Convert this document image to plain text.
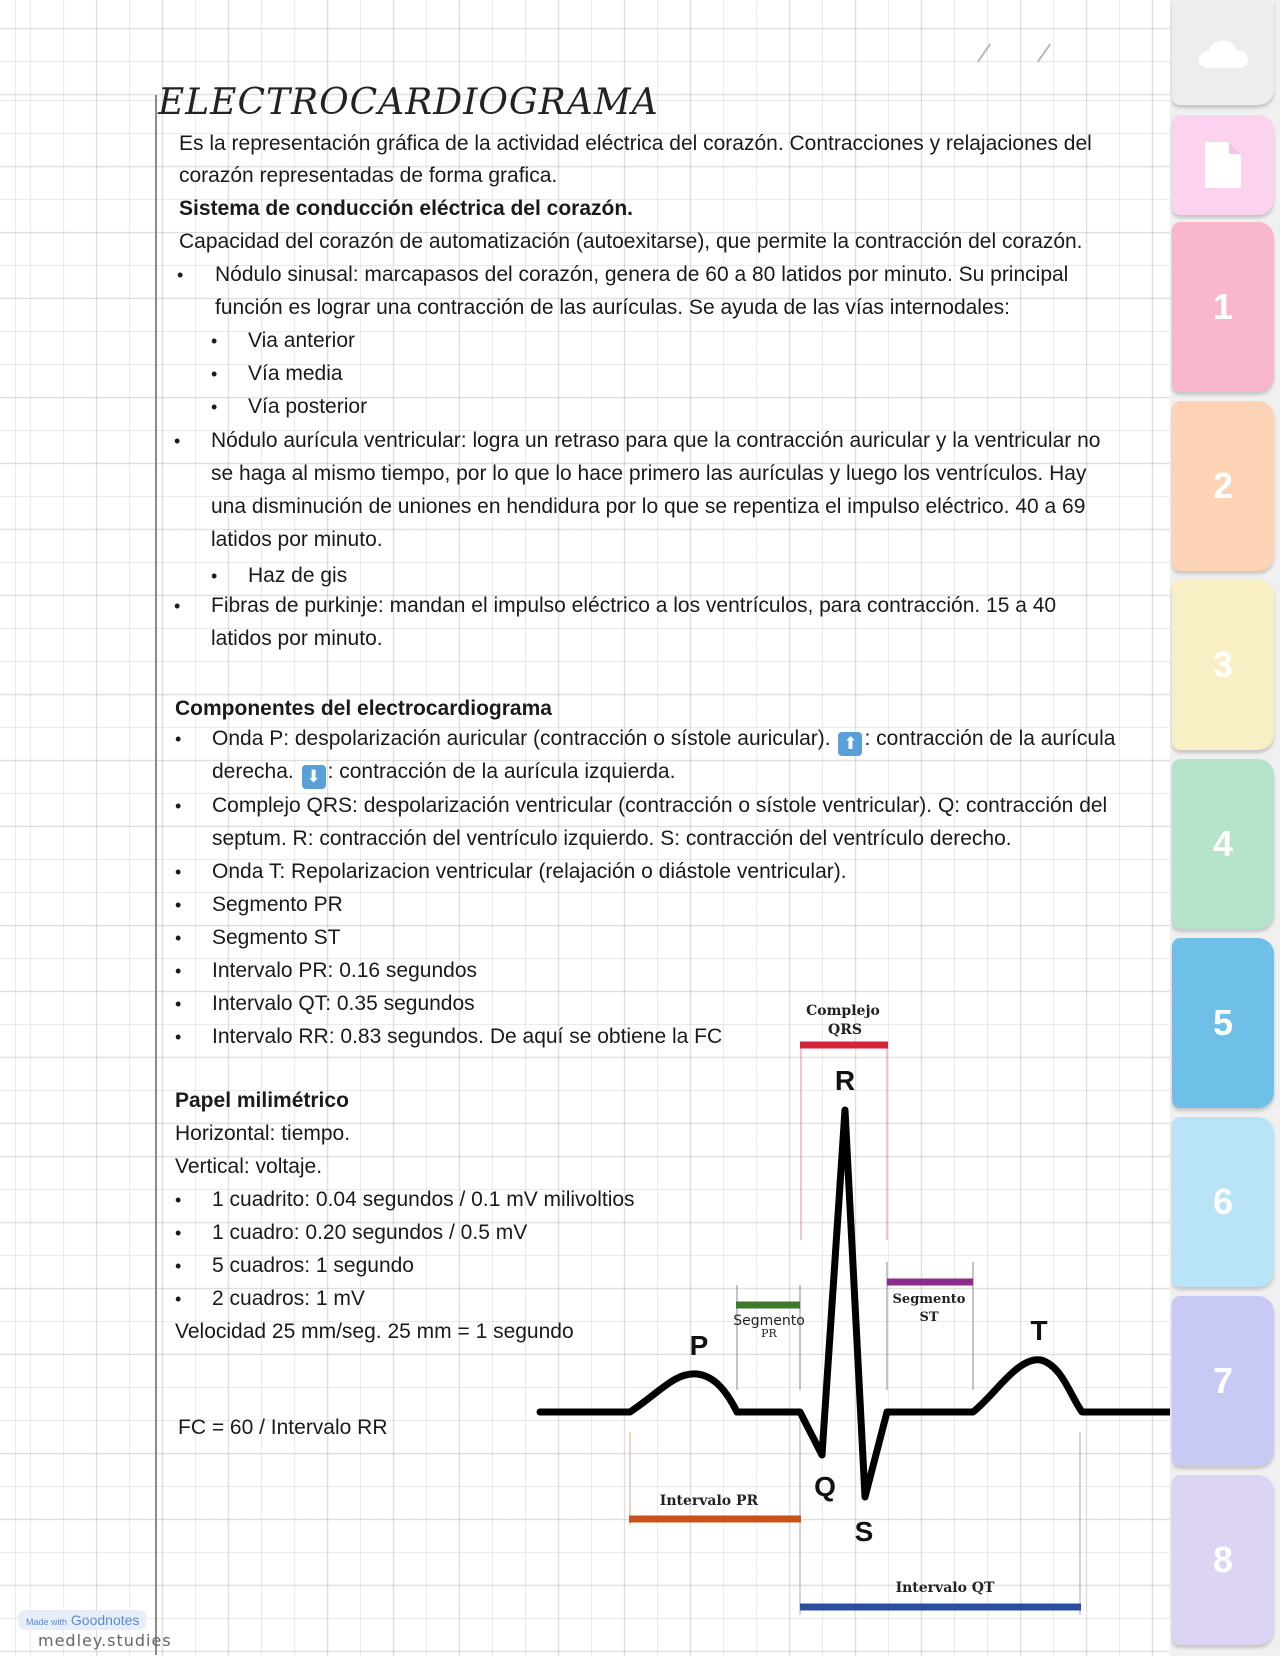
ELECTROCARDIOGRAMA
Es la representación gráfica de la actividad eléctrica del corazón. Contracciones y relajaciones del
corazón representadas de forma grafica.
Sistema de conducción eléctrica del corazón.
Capacidad del corazón de automatización (autoexitarse), que permite la contracción del corazón.
• Nódulo sinusal: marcapasos del corazón, genera de 60 a 80 latidos por minuto. Su principal
función es lograr una contracción de las aurículas. Se ayuda de las vías internodales:
• Via anterior
• Vía media
• Vía posterior
• Nódulo aurícula ventricular: logra un retraso para que la contracción auricular y la ventricular no
se haga al mismo tiempo, por lo que lo hace primero las aurículas y luego los ventrículos. Hay
una disminución de uniones en hendidura por lo que se repentiza el impulso eléctrico. 40 a 69
latidos por minuto.
• Haz de gis
• Fibras de purkinje: mandan el impulso eléctrico a los ventrículos, para contracción. 15 a 40
latidos por minuto.
Componentes del electrocardiograma
• Onda P: despolarización auricular (contracción o sístole auricular). ⬆ : contracción de la aurícula
derecha. ⬇ : contracción de la aurícula izquierda.
• Complejo QRS: despolarización ventricular (contracción o sístole ventricular). Q: contracción del
septum. R: contracción del ventrículo izquierdo. S: contracción del ventrículo derecho.
• Onda T: Repolarizacion ventricular (relajación o diástole ventricular).
• Segmento PR
• Segmento ST
• Intervalo PR: 0.16 segundos
• Intervalo QT: 0.35 segundos
• Intervalo RR: 0.83 segundos. De aquí se obtiene la FC
Papel milimétrico
Horizontal: tiempo.
Vertical: voltaje.
• 1 cuadrito: 0.04 segundos / 0.1 mV milivoltios
• 1 cuadro: 0.20 segundos / 0.5 mV
• 5 cuadros: 1 segundo
• 2 cuadros: 1 mV
Velocidad 25 mm/seg. 25 mm = 1 segundo
FC = 60 / Intervalo RR
Complejo
QRS
Segmento
PR
Segmento
ST
R
P	T
Q
S
Intervalo PR
Intervalo QT
Made with Goodnotes
medley.studies
1
2
3
4
5
6
7
8
